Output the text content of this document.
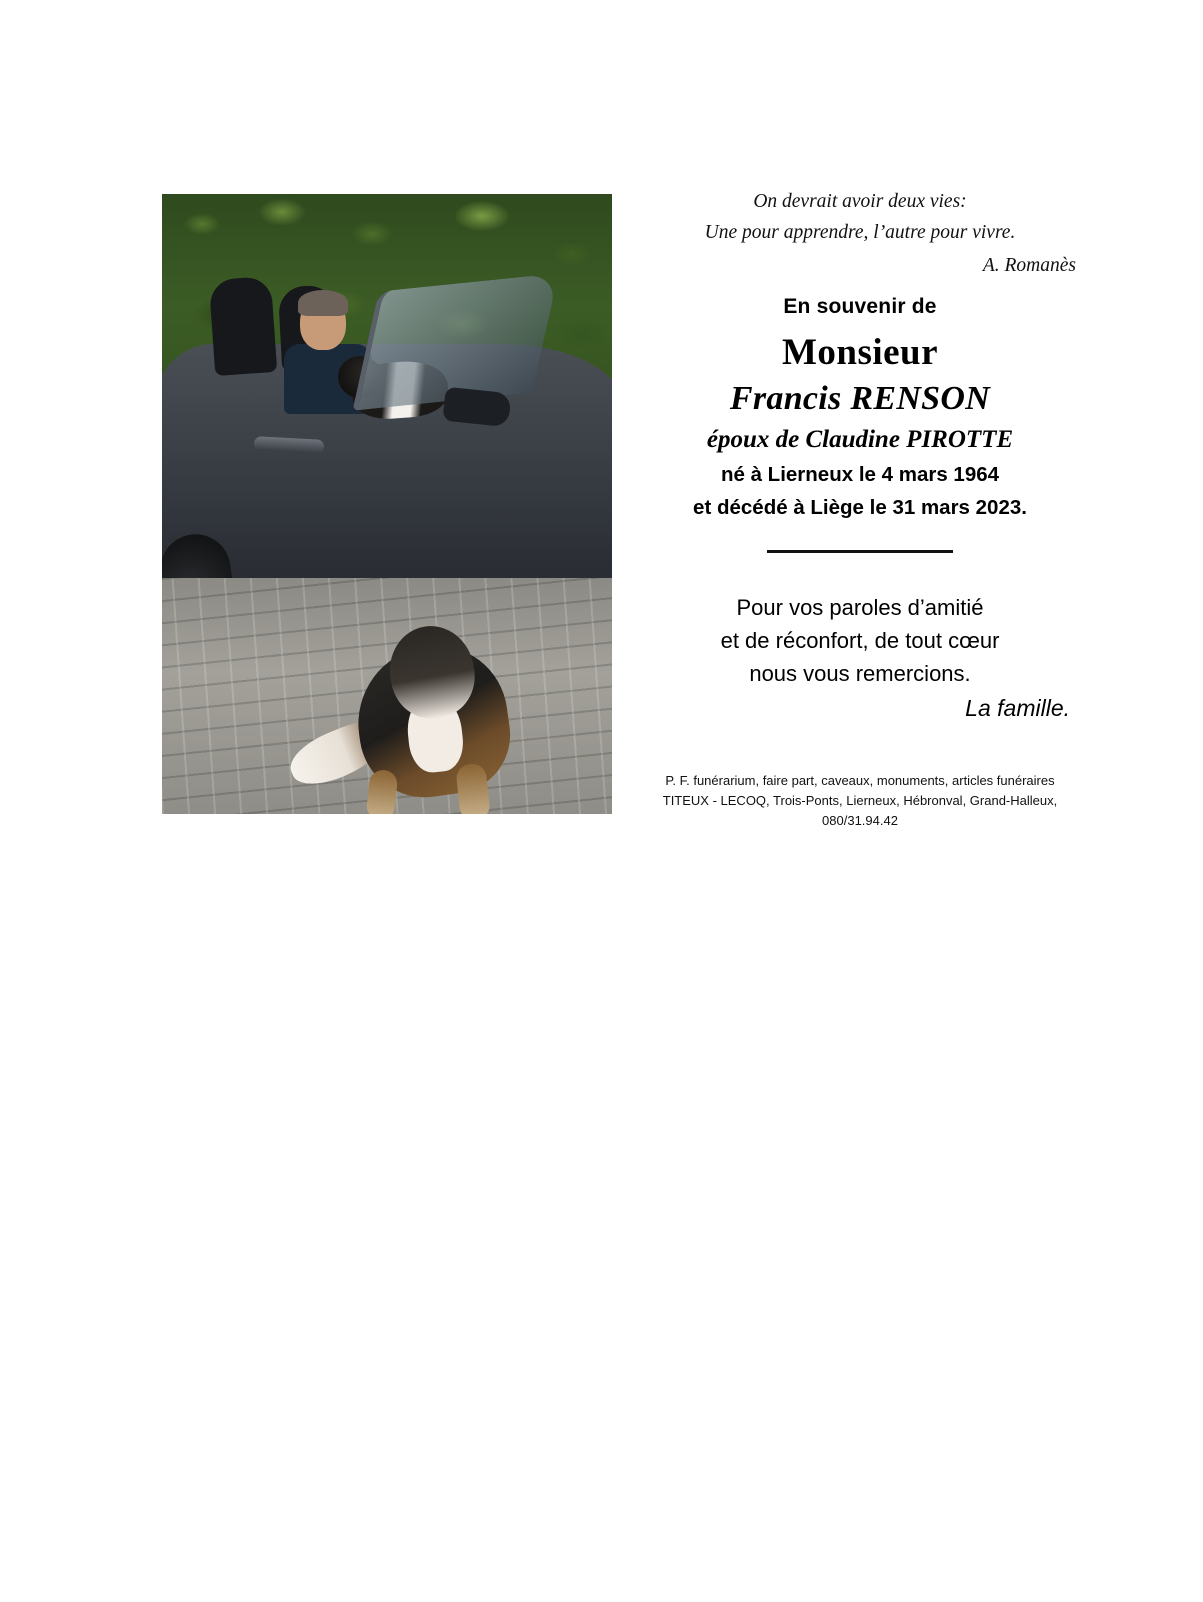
On devrait avoir deux vies:
Une pour apprendre, l’autre pour vivre.
A. Romanès
En souvenir de
Monsieur
Francis RENSON
époux de Claudine PIROTTE
né à Lierneux le 4 mars 1964
et décédé à Liège le 31 mars 2023.
Pour vos paroles d’amitié
et de réconfort, de tout cœur
nous vous remercions.
La famille.
P. F. funérarium, faire part, caveaux, monuments, articles funéraires
TITEUX - LECOQ, Trois-Ponts, Lierneux, Hébronval, Grand-Halleux, 080/31.94.42
